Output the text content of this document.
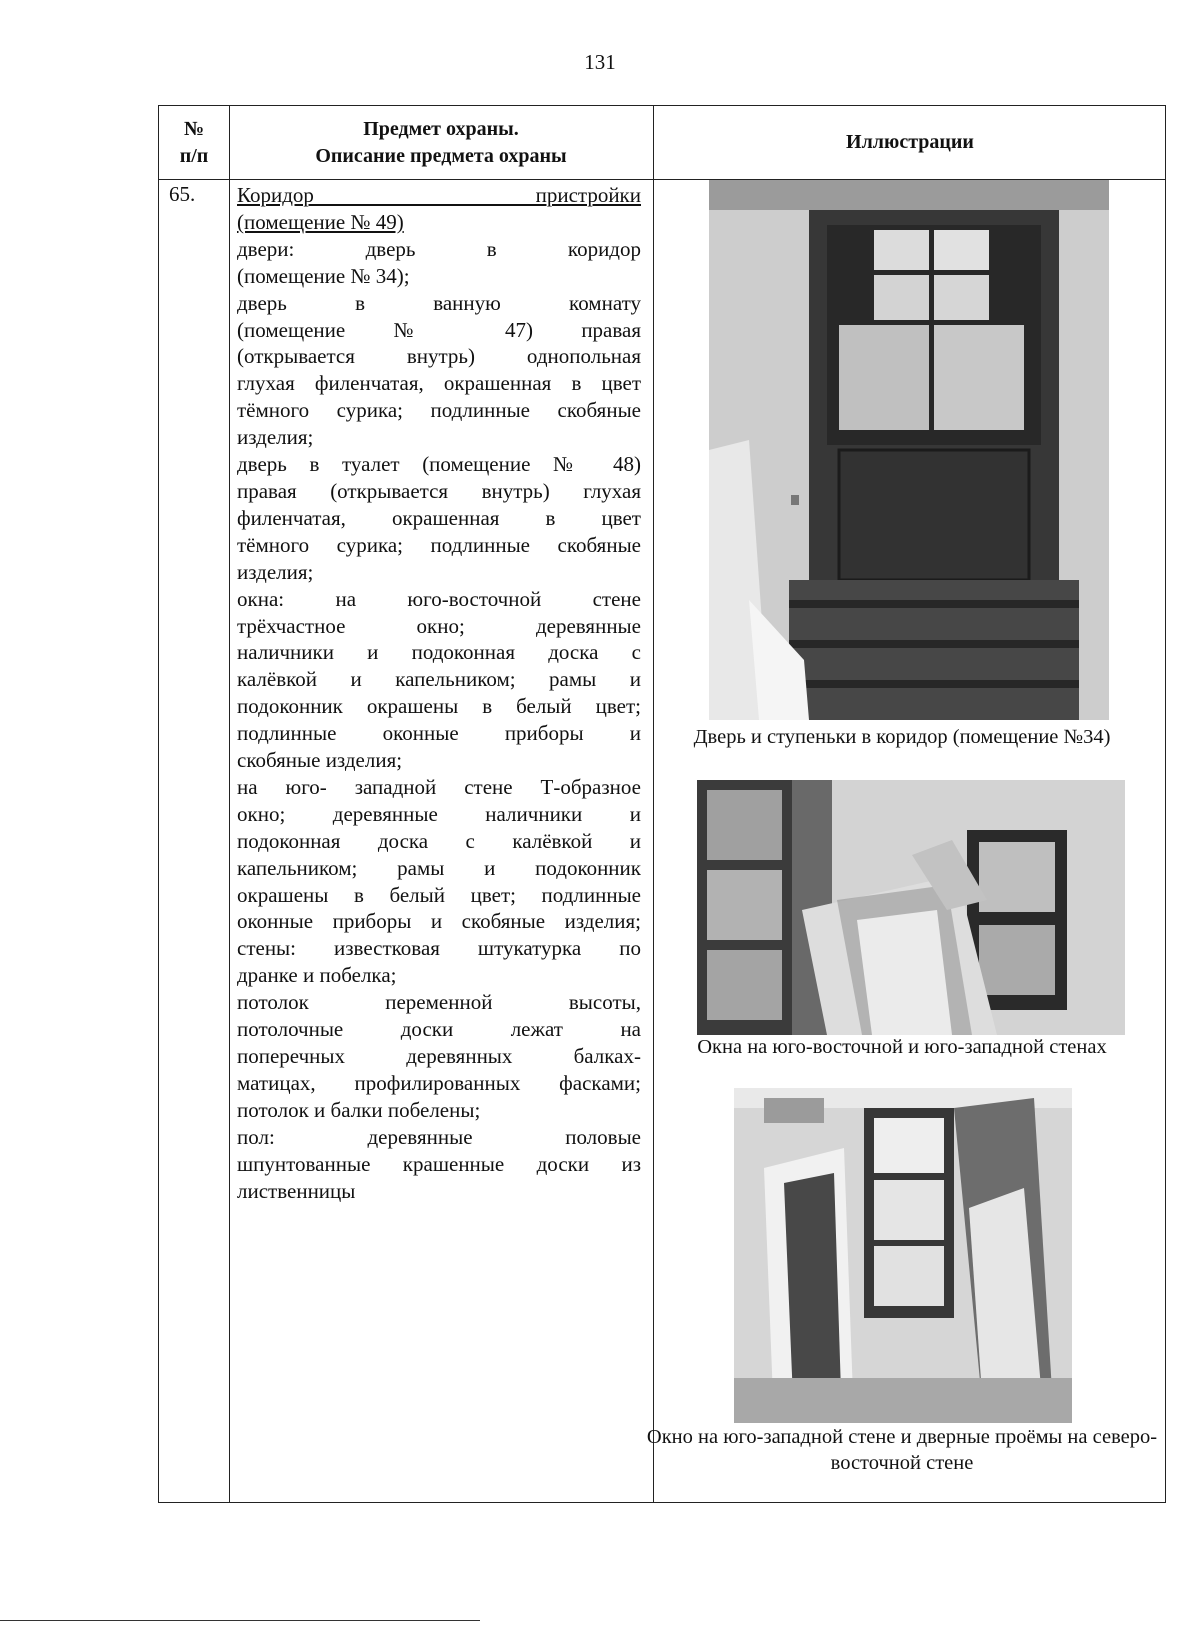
131
№
п/п
Предмет охраны.
Описание предмета охраны
Иллюстрации
65. Коридор пристройки

(помещение № 49)

двери: дверь в коридор

(помещение № 34);

дверь в ванную комнату

(помещение № 47) правая

(открывается внутрь) однопольная

глухая филенчатая, окрашенная в цвет

тёмного сурика; подлинные скобяные

изделия;

дверь в туалет (помещение № 48)

правая (открывается внутрь) глухая

филенчатая, окрашенная в цвет

тёмного сурика; подлинные скобяные

изделия;

окна: на юго-восточной стене

трёхчастное окно; деревянные

наличники и подоконная доска с

калёвкой и капельником; рамы и

подоконник окрашены в белый цвет;

подлинные оконные приборы и

скобяные изделия;

на юго- западной стене Т-образное

окно; деревянные наличники и

подоконная доска с калёвкой и

капельником; рамы и подоконник

окрашены в белый цвет; подлинные

оконные приборы и скобяные изделия;

стены: известковая штукатурка по

дранке и побелка;

потолок переменной высоты,

потолочные доски лежат на

поперечных деревянных балках-

матицах, профилированных фасками;

потолок и балки побелены;

пол: деревянные половые

шпунтованные крашенные доски из

лиственницы

Дверь и ступеньки в коридор (помещение №34)
Окна на юго-восточной и юго-западной стенах
Окно на юго-западной стене и дверные проёмы на северо-восточной стене
